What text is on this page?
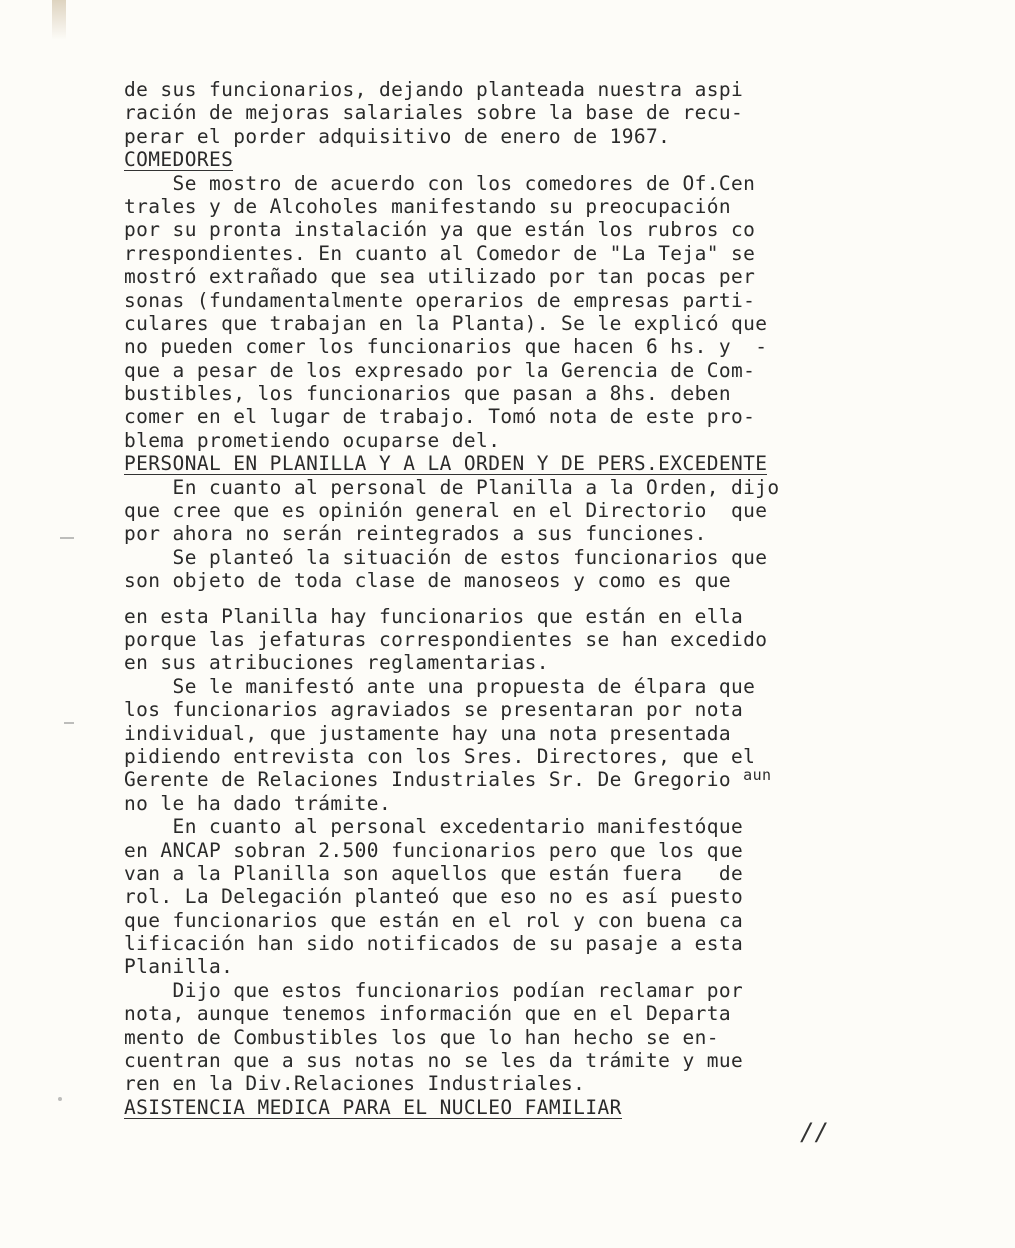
de sus funcionarios, dejando planteada nuestra aspi
ración de mejoras salariales sobre la base de recu-
perar el porder adquisitivo de enero de 1967.
COMEDORES
Se mostro de acuerdo con los comedores de Of.Cen
trales y de Alcoholes manifestando su preocupación
por su pronta instalación ya que están los rubros co
rrespondientes. En cuanto al Comedor de "La Teja" se
mostró extrañado que sea utilizado por tan pocas per
sonas (fundamentalmente operarios de empresas parti-
culares que trabajan en la Planta). Se le explicó que
no pueden comer los funcionarios que hacen 6 hs. y  -
que a pesar de los expresado por la Gerencia de Com-
bustibles, los funcionarios que pasan a 8hs. deben
comer en el lugar de trabajo. Tomó nota de este pro-
blema prometiendo ocuparse del.
PERSONAL EN PLANILLA Y A LA ORDEN Y DE PERS.EXCEDENTE
En cuanto al personal de Planilla a la Orden, dijo
que cree que es opinión general en el Directorio  que
por ahora no serán reintegrados a sus funciones.
Se planteó la situación de estos funcionarios que
son objeto de toda clase de manoseos y como es que
en esta Planilla hay funcionarios que están en ella
porque las jefaturas correspondientes se han excedido
en sus atribuciones reglamentarias.
Se le manifestó ante una propuesta de élpara que
los funcionarios agraviados se presentaran por nota
individual, que justamente hay una nota presentada
pidiendo entrevista con los Sres. Directores, que el
Gerente de Relaciones Industriales Sr. De Gregorio $^{aun}$
no le ha dado trámite.
En cuanto al personal excedentario manifestóque
en ANCAP sobran 2.500 funcionarios pero que los que
van a la Planilla son aquellos que están fuera   de
rol. La Delegación planteó que eso no es así puesto
que funcionarios que están en el rol y con buena ca
lificación han sido notificados de su pasaje a esta
Planilla.
Dijo que estos funcionarios podían reclamar por
nota, aunque tenemos información que en el Departa
mento de Combustibles los que lo han hecho se en-
cuentran que a sus notas no se les da trámite y mue
ren en la Div.Relaciones Industriales.
ASISTENCIA MEDICA PARA EL NUCLEO FAMILIAR
//
